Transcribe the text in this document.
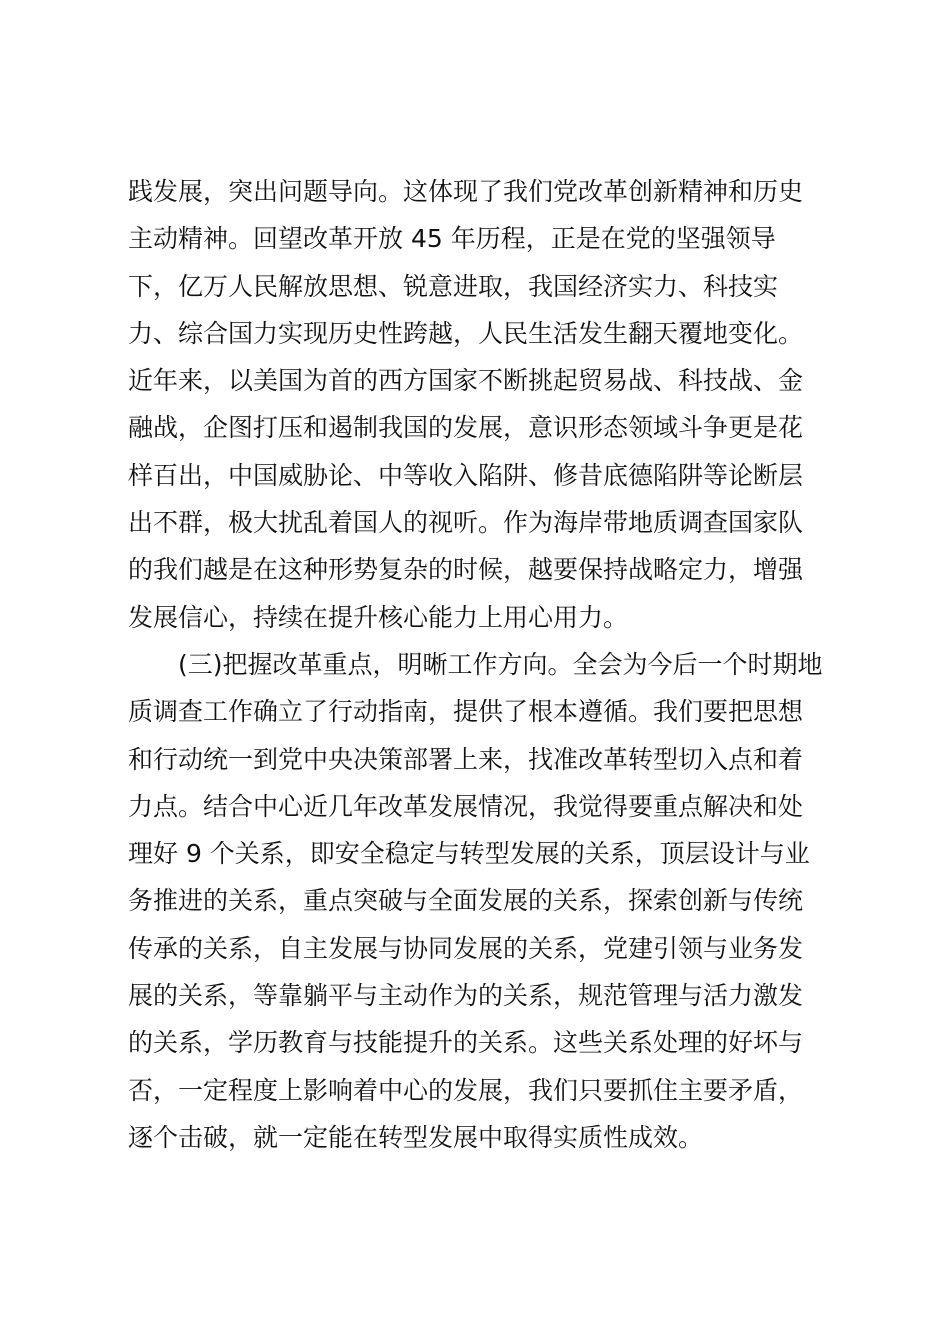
践发展，突出问题导向。这体现了我们党改革创新精神和历史
主动精神。回望改革开放 45 年历程，正是在党的坚强领导
下，亿万人民解放思想、锐意进取，我国经济实力、科技实
力、综合国力实现历史性跨越，人民生活发生翻天覆地变化。
近年来，以美国为首的西方国家不断挑起贸易战、科技战、金
融战，企图打压和遏制我国的发展，意识形态领域斗争更是花
样百出，中国威胁论、中等收入陷阱、修昔底德陷阱等论断层
出不群，极大扰乱着国人的视听。作为海岸带地质调查国家队
的我们越是在这种形势复杂的时候，越要保持战略定力，增强
发展信心，持续在提升核心能力上用心用力。
(三)把握改革重点，明晰工作方向。全会为今后一个时期地
质调查工作确立了行动指南，提供了根本遵循。我们要把思想
和行动统一到党中央决策部署上来，找准改革转型切入点和着
力点。结合中心近几年改革发展情况，我觉得要重点解决和处
理好 9 个关系，即安全稳定与转型发展的关系，顶层设计与业
务推进的关系，重点突破与全面发展的关系，探索创新与传统
传承的关系，自主发展与协同发展的关系，党建引领与业务发
展的关系，等靠躺平与主动作为的关系，规范管理与活力激发
的关系，学历教育与技能提升的关系。这些关系处理的好坏与
否，一定程度上影响着中心的发展，我们只要抓住主要矛盾，
逐个击破，就一定能在转型发展中取得实质性成效。
